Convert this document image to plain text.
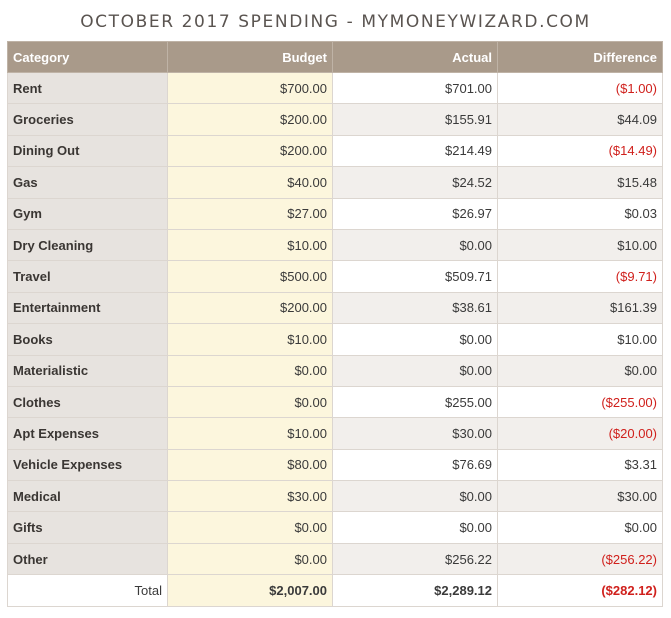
OCTOBER 2017 SPENDING - MYMONEYWIZARD.COM
Category	Budget	Actual	Difference
Rent	$700.00	$701.00	($1.00)
Groceries	$200.00	$155.91	$44.09
Dining Out	$200.00	$214.49	($14.49)
Gas	$40.00	$24.52	$15.48
Gym	$27.00	$26.97	$0.03
Dry Cleaning	$10.00	$0.00	$10.00
Travel	$500.00	$509.71	($9.71)
Entertainment	$200.00	$38.61	$161.39
Books	$10.00	$0.00	$10.00
Materialistic	$0.00	$0.00	$0.00
Clothes	$0.00	$255.00	($255.00)
Apt Expenses	$10.00	$30.00	($20.00)
Vehicle Expenses	$80.00	$76.69	$3.31
Medical	$30.00	$0.00	$30.00
Gifts	$0.00	$0.00	$0.00
Other	$0.00	$256.22	($256.22)
Total	$2,007.00	$2,289.12	($282.12)
